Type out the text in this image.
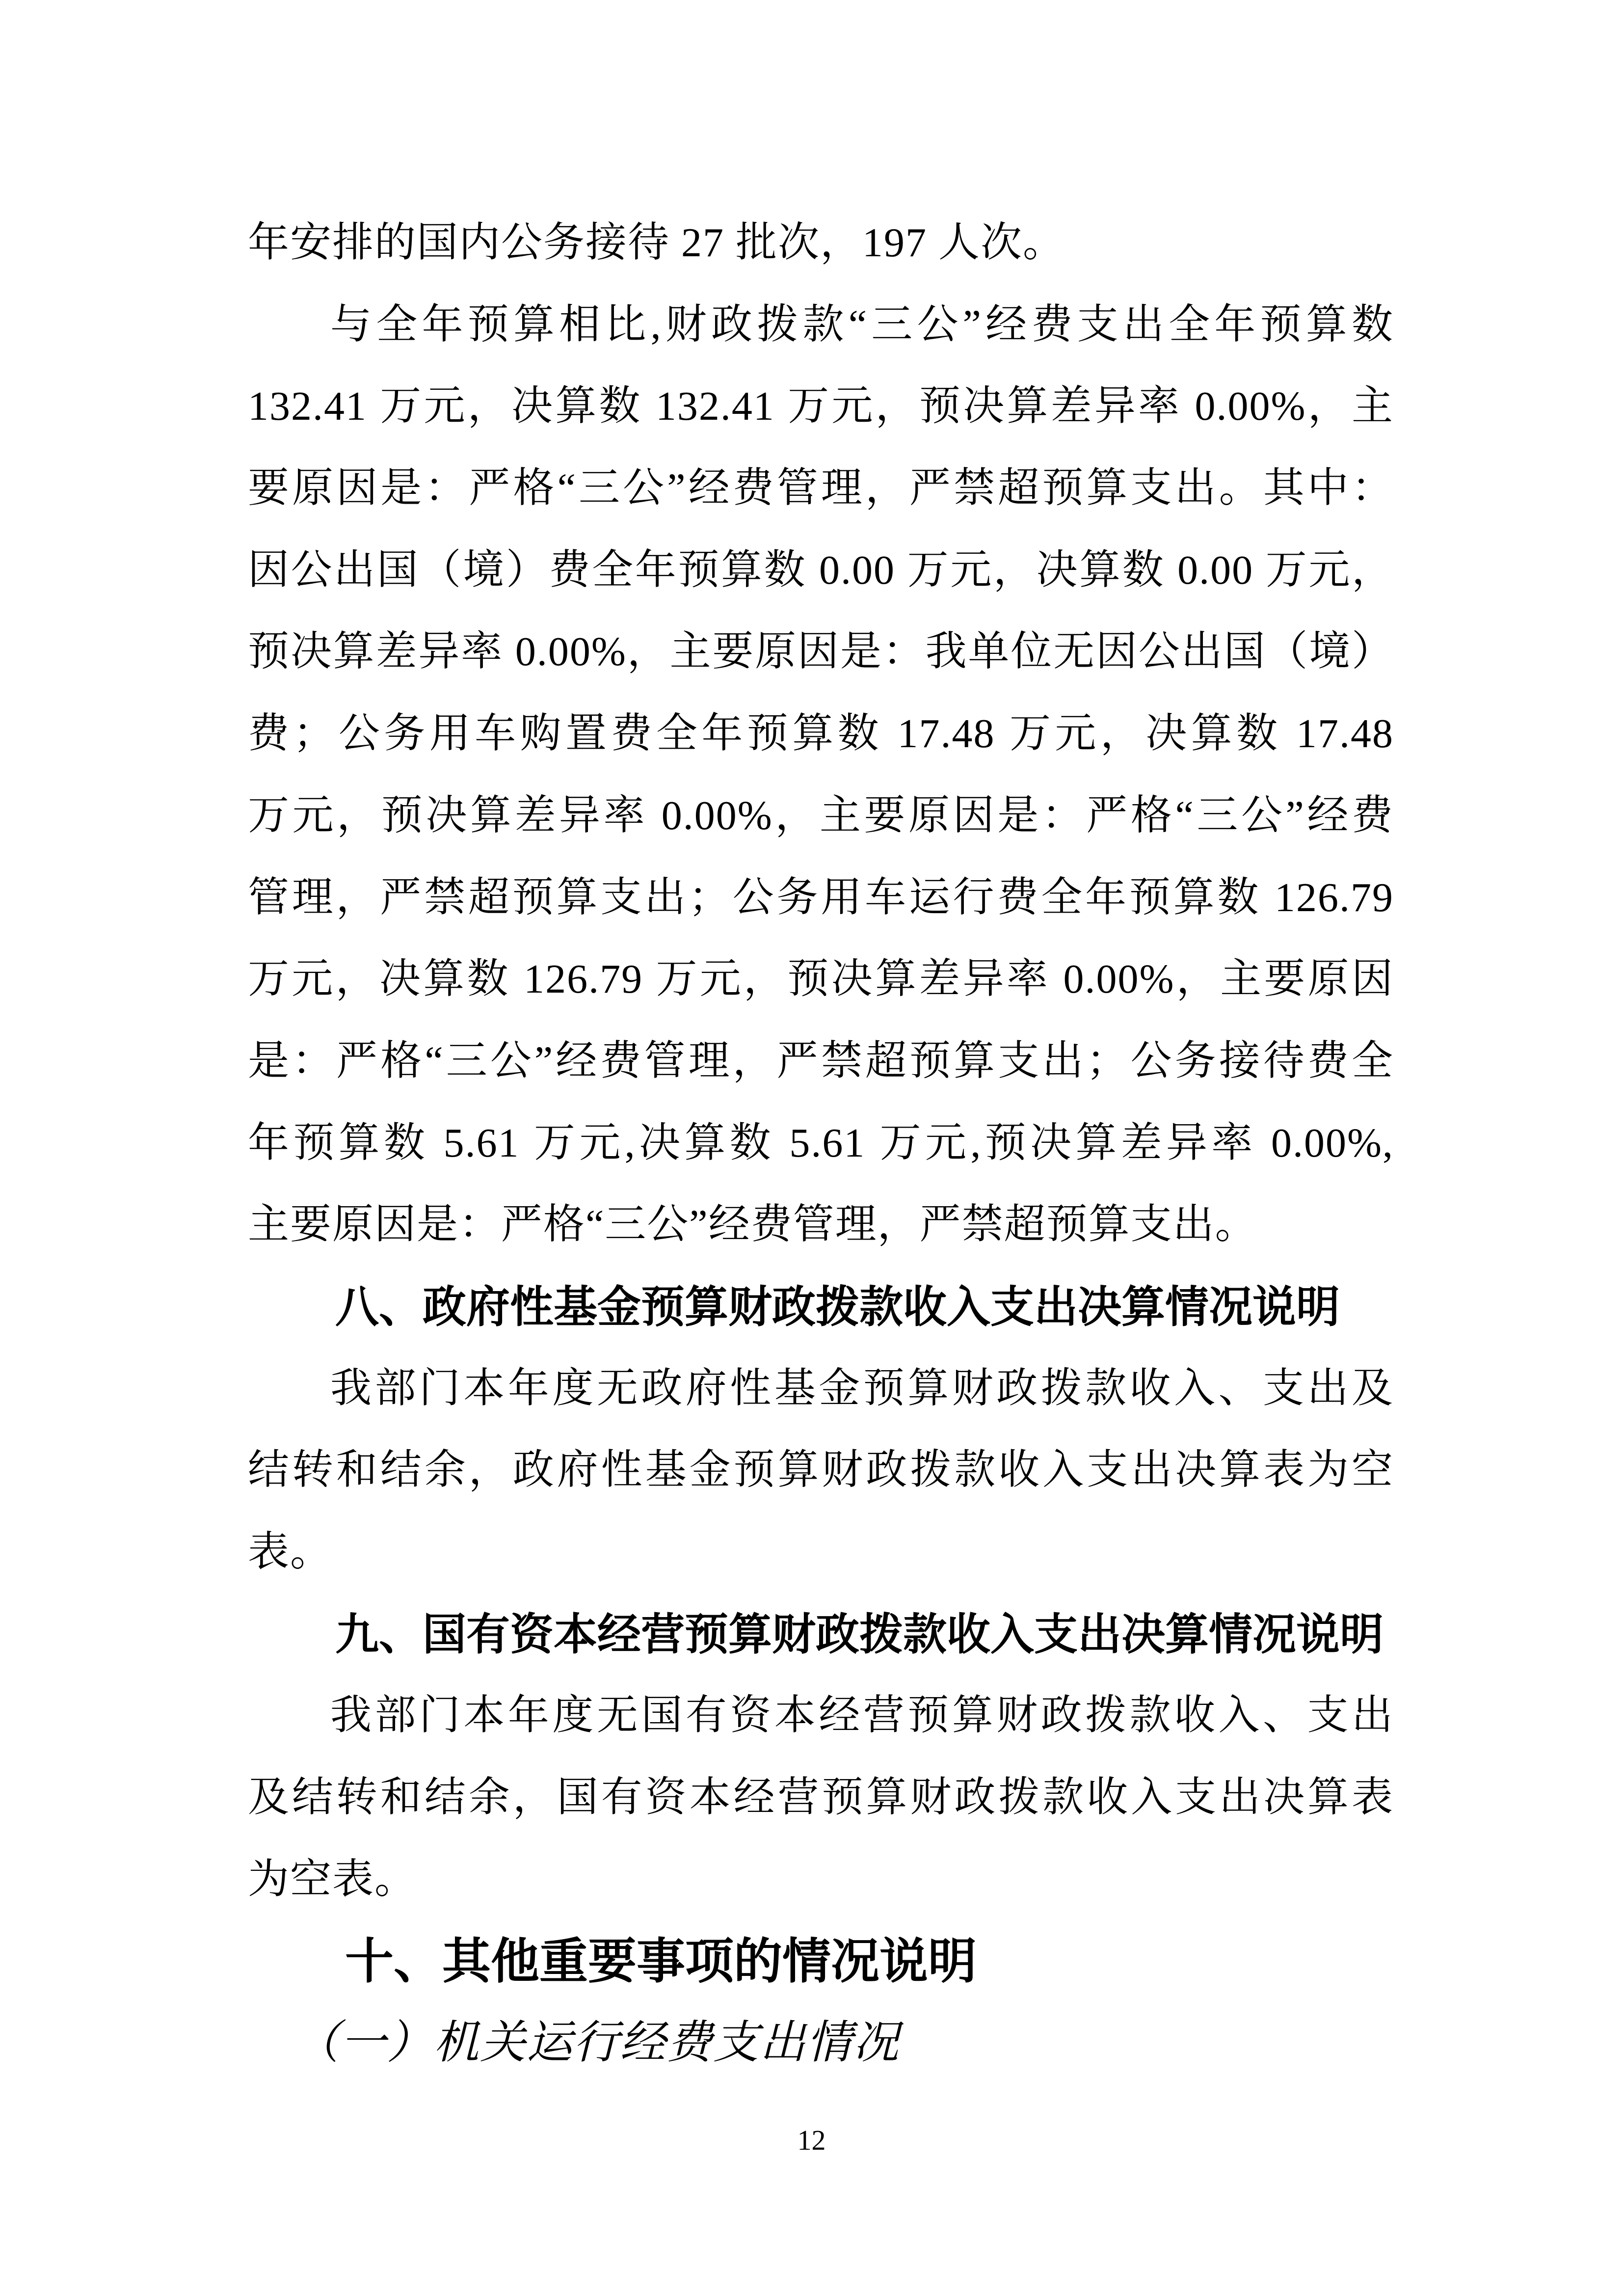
年安排的国内公务接待 27 批次，197 人次。
与全年预算相比,财政拨款“三公”经费支出全年预算数
132.41 万元，决算数 132.41 万元，预决算差异率 0.00%，主
要原因是：严格“三公”经费管理，严禁超预算支出。其中：
因公出国（境）费全年预算数 0.00 万元，决算数 0.00 万元，
预决算差异率 0.00%，主要原因是：我单位无因公出国（境）
费；公务用车购置费全年预算数 17.48 万元，决算数 17.48
万元，预决算差异率 0.00%，主要原因是：严格“三公”经费
管理，严禁超预算支出；公务用车运行费全年预算数 126.79
万元，决算数 126.79 万元，预决算差异率 0.00%，主要原因
是：严格“三公”经费管理，严禁超预算支出；公务接待费全
年预算数 5.61 万元,决算数 5.61 万元,预决算差异率 0.00%,
主要原因是：严格“三公”经费管理，严禁超预算支出。
八、政府性基金预算财政拨款收入支出决算情况说明
我部门本年度无政府性基金预算财政拨款收入、支出及
结转和结余，政府性基金预算财政拨款收入支出决算表为空
表。
九、国有资本经营预算财政拨款收入支出决算情况说明
我部门本年度无国有资本经营预算财政拨款收入、支出
及结转和结余，国有资本经营预算财政拨款收入支出决算表
为空表。
十、其他重要事项的情况说明
（一）机关运行经费支出情况
12
